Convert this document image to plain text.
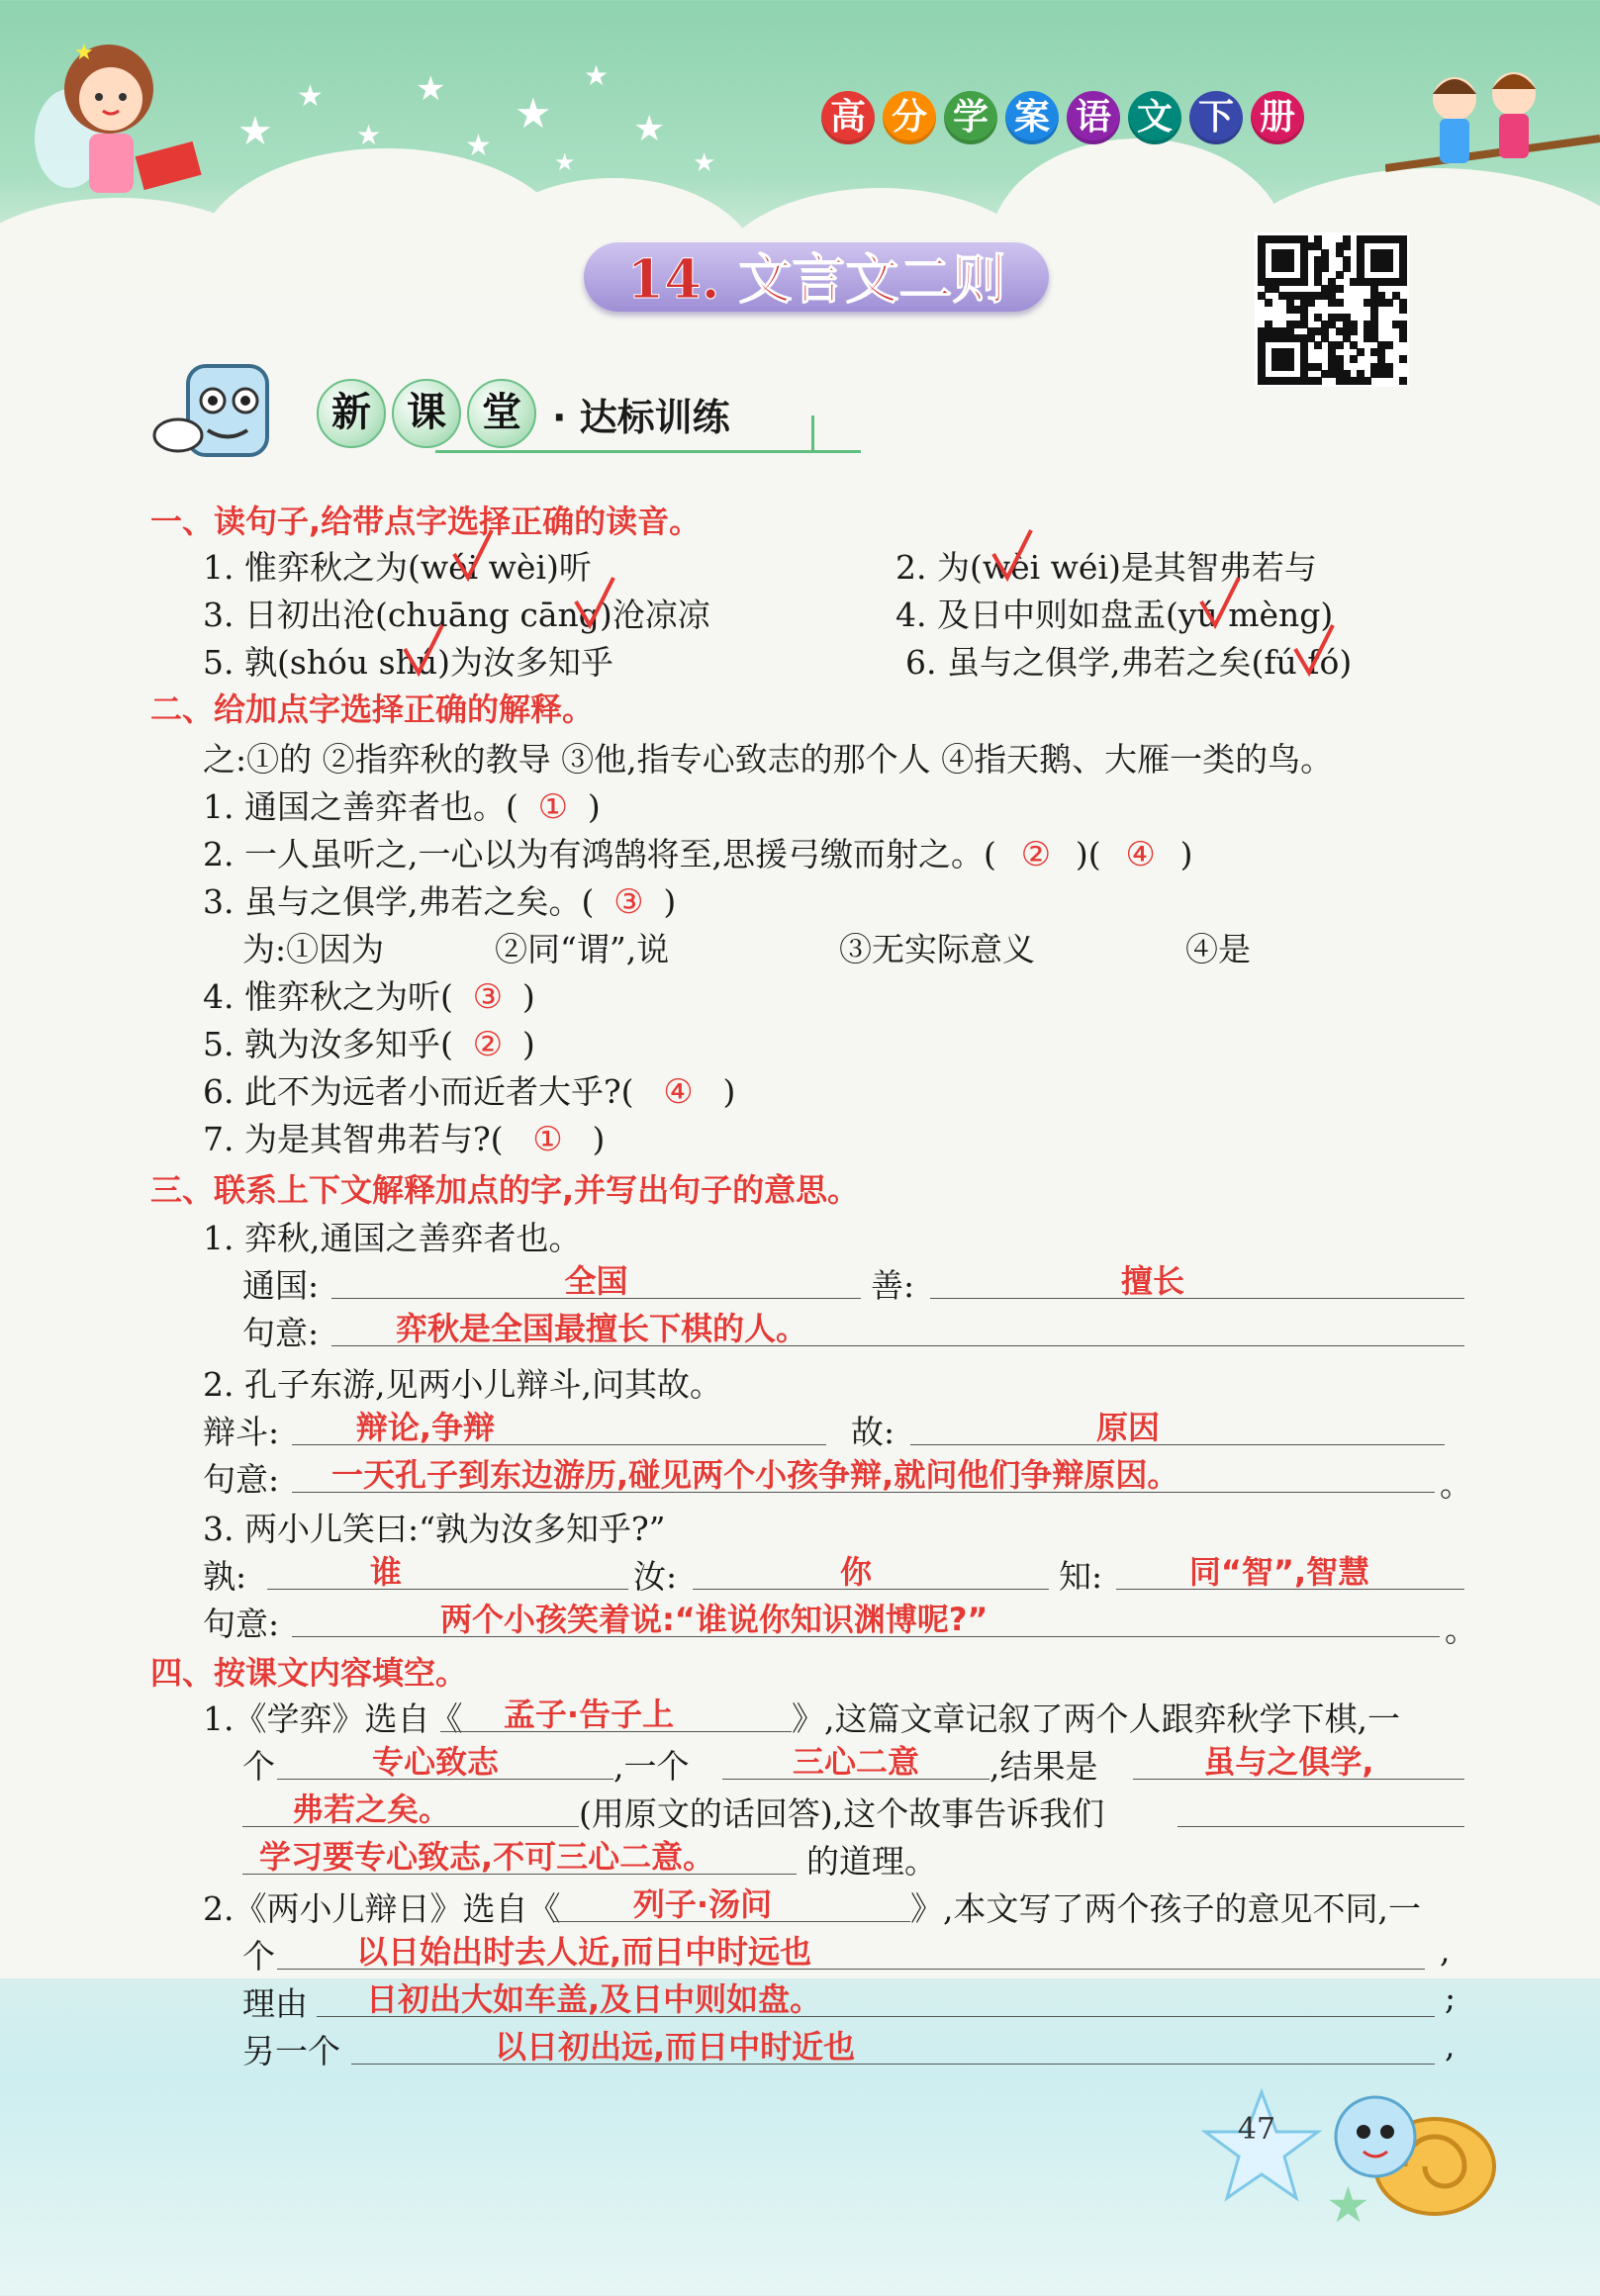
★
★
★
★
★
★
★
★
★
★
★
高 分 学 案 语 文 下 册
14. 文言文二则
新 课 堂 · 达标训练
一、读句子,给带点字选择正确的读音。
1. 惟弈秋之为(wéi wèi)听	2. 为(wèi wéi)是其智弗若与
3. 日初出沧(chuāng cāng)沧凉凉	4. 及日中则如盘盂(yú mèng)
5. 孰(shóu shú)为汝多知乎	6. 虽与之俱学,弗若之矣(fú fó)
二、给加点字选择正确的解释。
之:①的 ②指弈秋的教导 ③他,指专心致志的那个人 ④指天鹅、大雁一类的鸟。
1. 通国之善弈者也。( ① )
2. 一人虽听之,一心以为有鸿鹄将至,思援弓缴而射之。( ② )( ④ )
3. 虽与之俱学,弗若之矣。( ③ )
为:①因为	②同“谓”,说	③无实际意义	④是
4. 惟弈秋之为听( ③ )
5. 孰为汝多知乎( ② )
6. 此不为远者小而近者大乎?( ④ )
7. 为是其智弗若与?( ① )
三、联系上下文解释加点的字,并写出句子的意思。
1. 弈秋,通国之善弈者也。
通国:	全国	善:	擅长
句意: 弈秋是全国最擅长下棋的人。
2. 孔子东游,见两小儿辩斗,问其故。
辩斗:	辩论,争辩	故:	原因
句意: 一天孔子到东边游历,碰见两个小孩争辩,就问他们争辩原因。	。
3. 两小儿笑曰:“孰为汝多知乎?”
孰:	谁	汝:	你	知:	同“智”,智慧
句意:	两个小孩笑着说:“谁说你知识渊博呢?”	。
四、按课文内容填空。
1.《学弈》选自《	孟子·告子上	》,这篇文章记叙了两个人跟弈秋学下棋,一
个	专心致志	,一个	三心二意	,结果是	虽与之俱学,
弗若之矣。	(用原文的话回答),这个故事告诉我们
学习要专心致志,不可三心二意。	的道理。
2.《两小儿辩日》选自《	列子·汤问	》,本文写了两个孩子的意见不同,一
个	以日始出时去人近,而日中时远也	,
理由 日初出大如车盖,及日中则如盘。	;
另一个	以日初出远,而日中时近也	,
47
★
